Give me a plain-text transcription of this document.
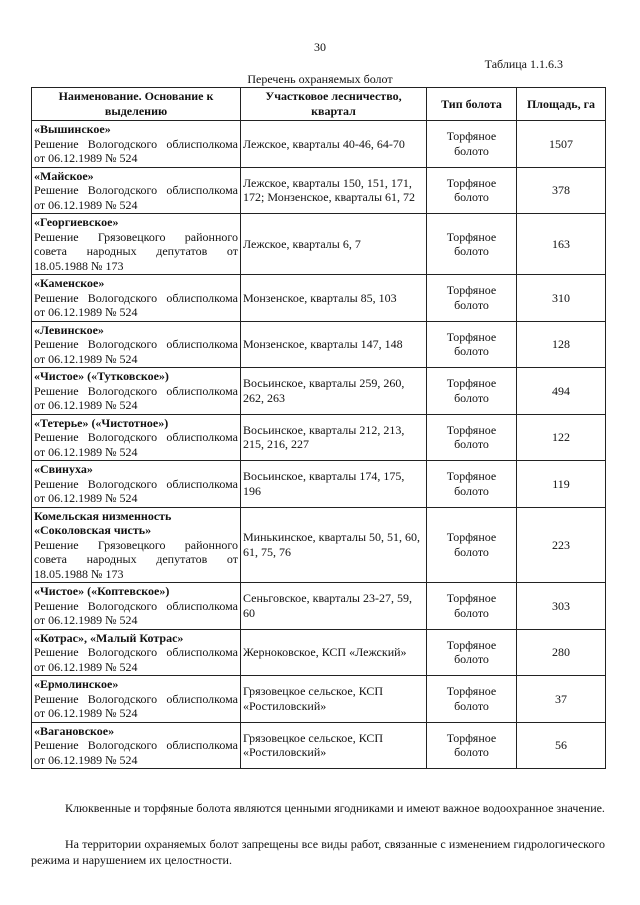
30
Таблица 1.1.6.3
Перечень охраняемых болот
Наименование. Основание к выделению	Участковое лесничество, квартал	Тип болота	Площадь, га

«Вышинское»
Решение Вологодского облисполкома от 06.12.1989 № 524	Лежское, кварталы 40-46, 64-70	Торфяное болото	1507

«Майское»
Решение Вологодского облисполкома от 06.12.1989 № 524	Лежское, кварталы 150, 151, 171, 172; Монзенское, кварталы 61, 72	Торфяное болото	378

«Георгиевское»
Решение Грязовецкого районного совета народных депутатов от 18.05.1988 № 173	Лежское, кварталы 6, 7	Торфяное болото	163

«Каменское»
Решение Вологодского облисполкома от 06.12.1989 № 524	Монзенское, кварталы 85, 103	Торфяное болото	310

«Левинское»
Решение Вологодского облисполкома от 06.12.1989 № 524	Монзенское, кварталы 147, 148	Торфяное болото	128

«Чистое» («Тутковское»)
Решение Вологодского облисполкома от 06.12.1989 № 524	Восьинское, кварталы 259, 260, 262, 263	Торфяное болото	494

«Тетерье» («Чистотное»)
Решение Вологодского облисполкома от 06.12.1989 № 524	Восьинское, кварталы 212, 213, 215, 216, 227	Торфяное болото	122

«Свинуха»
Решение Вологодского облисполкома от 06.12.1989 № 524	Восьинское, кварталы 174, 175, 196	Торфяное болото	119

Комельская низменность «Соколовская чисть»
Решение Грязовецкого районного совета народных депутатов от 18.05.1988 № 173	Минькинское, кварталы 50, 51, 60, 61, 75, 76	Торфяное болото	223

«Чистое» («Коптевское»)
Решение Вологодского облисполкома от 06.12.1989 № 524	Сеньговское, кварталы 23-27, 59, 60	Торфяное болото	303

«Котрас», «Малый Котрас»
Решение Вологодского облисполкома от 06.12.1989 № 524	Жерноковское, КСП «Лежский»	Торфяное болото	280

«Ермолинское»
Решение Вологодского облисполкома от 06.12.1989 № 524	Грязовецкое сельское, КСП «Ростиловский»	Торфяное болото	37

«Вагановское»
Решение Вологодского облисполкома от 06.12.1989 № 524	Грязовецкое сельское, КСП «Ростиловский»	Торфяное болото	56
Клюквенные и торфяные болота являются ценными ягодниками и имеют важное водоохранное значение.
На территории охраняемых болот запрещены все виды работ, связанные с изменением гидрологического режима и нарушением их целостности.
